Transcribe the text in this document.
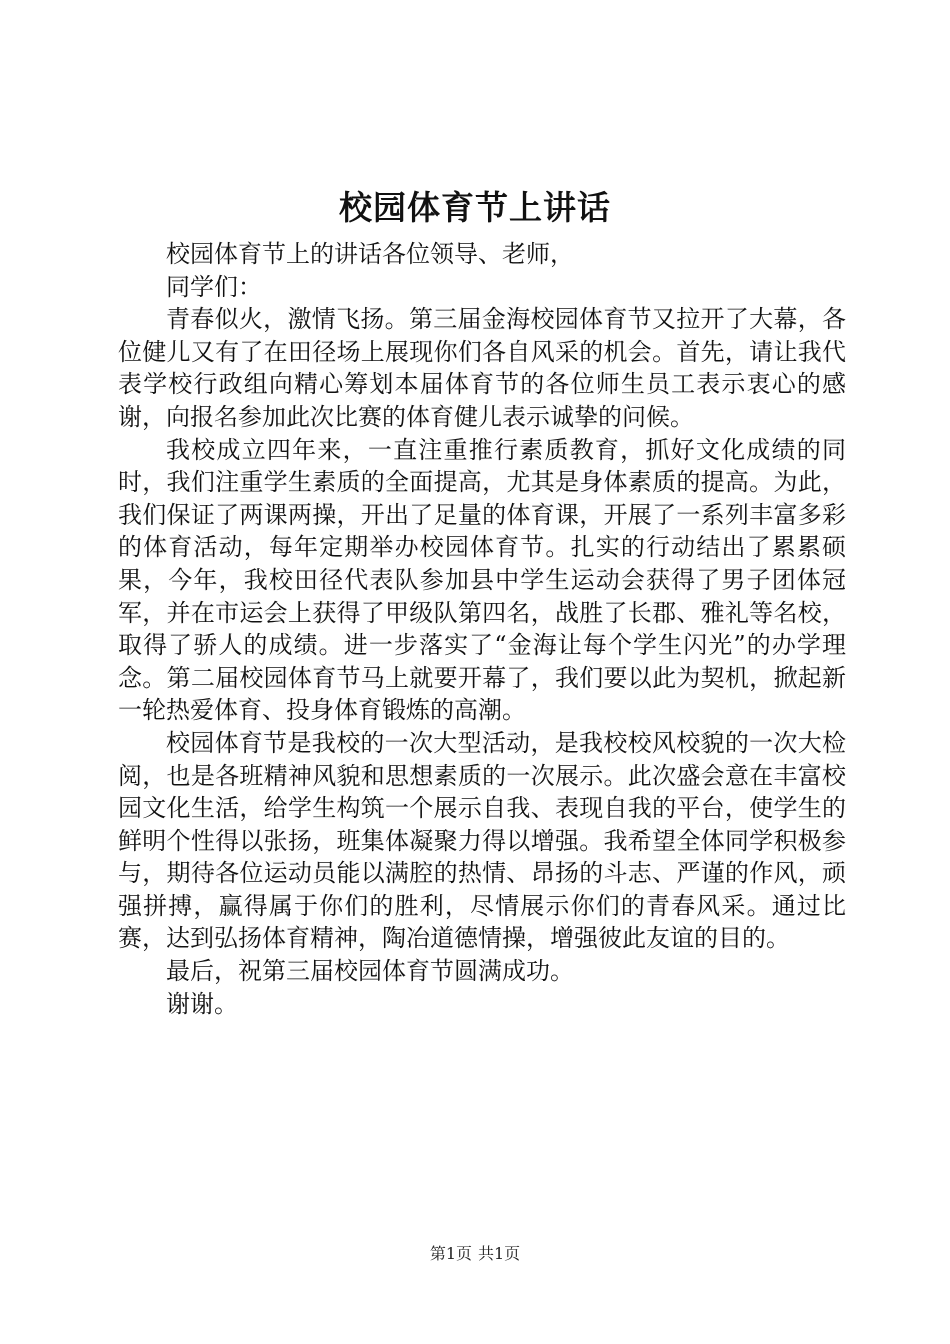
校园体育节上讲话

校园体育节上的讲话各位领导、老师，

同学们：

青春似火，激情飞扬。第三届金海校园体育节又拉开了大幕，各位健儿又有了在田径场上展现你们各自风采的机会。首先，请让我代表学校行政组向精心筹划本届体育节的各位师生员工表示衷心的感谢，向报名参加此次比赛的体育健儿表示诚挚的问候。

我校成立四年来，一直注重推行素质教育，抓好文化成绩的同时，我们注重学生素质的全面提高，尤其是身体素质的提高。为此，我们保证了两课两操，开出了足量的体育课，开展了一系列丰富多彩的体育活动，每年定期举办校园体育节。扎实的行动结出了累累硕果，今年，我校田径代表队参加县中学生运动会获得了男子团体冠军，并在市运会上获得了甲级队第四名，战胜了长郡、雅礼等名校，取得了骄人的成绩。进一步落实了“金海让每个学生闪光”的办学理念。第二届校园体育节马上就要开幕了，我们要以此为契机，掀起新一轮热爱体育、投身体育锻炼的高潮。

校园体育节是我校的一次大型活动，是我校校风校貌的一次大检阅，也是各班精神风貌和思想素质的一次展示。此次盛会意在丰富校园文化生活，给学生构筑一个展示自我、表现自我的平台，使学生的鲜明个性得以张扬，班集体凝聚力得以增强。我希望全体同学积极参与，期待各位运动员能以满腔的热情、昂扬的斗志、严谨的作风，顽强拼搏，赢得属于你们的胜利，尽情展示你们的青春风采。通过比赛，达到弘扬体育精神，陶冶道德情操，增强彼此友谊的目的。

最后，祝第三届校园体育节圆满成功。

谢谢。

第1页 共1页
